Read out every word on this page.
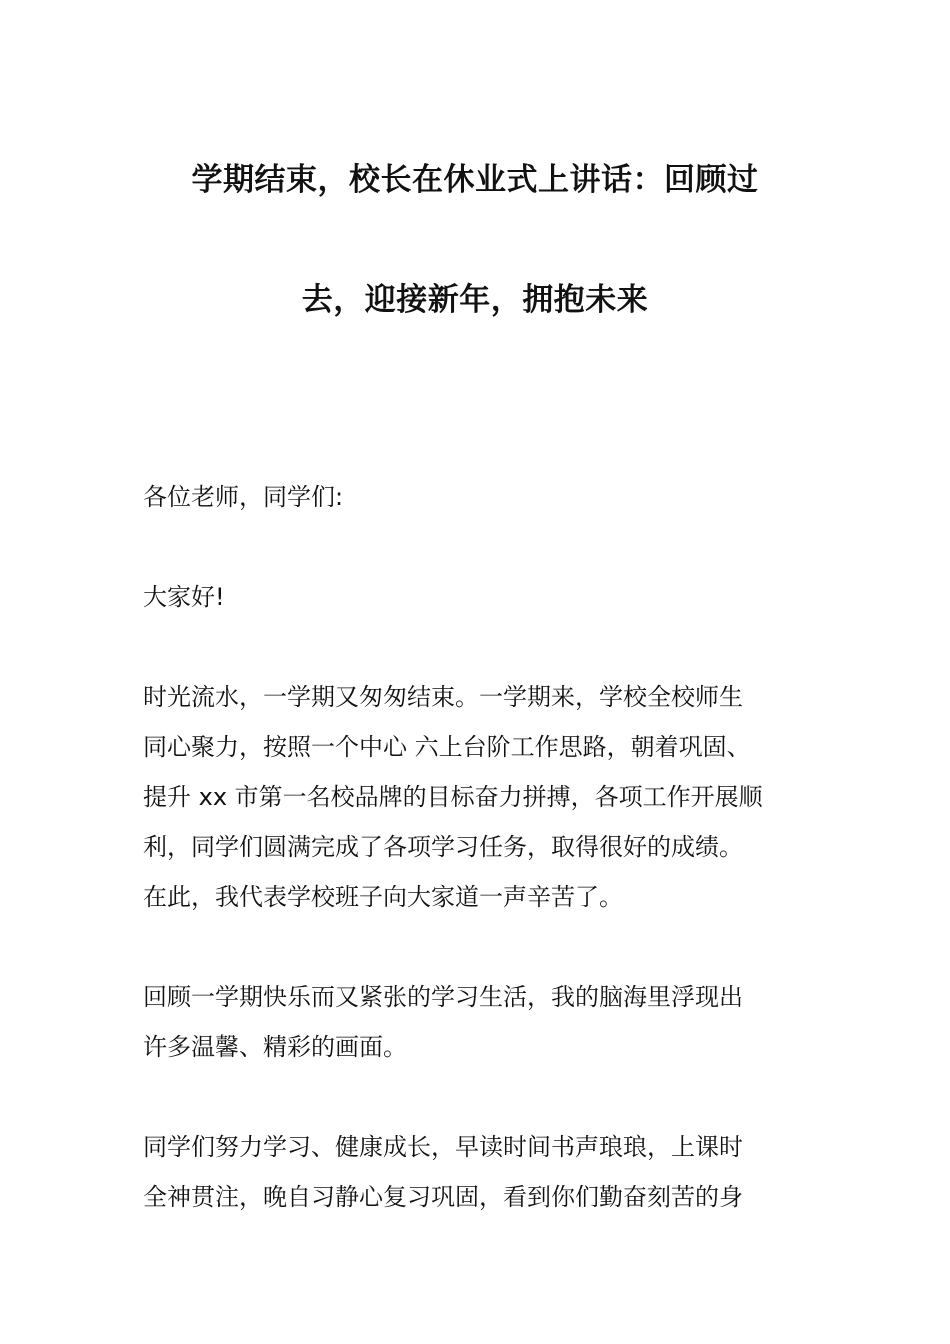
学期结束，校长在休业式上讲话：回顾过
去，迎接新年，拥抱未来

各位老师，同学们:

大家好!

时光流水，一学期又匆匆结束。一学期来，学校全校师生
同心聚力，按照一个中心 六上台阶工作思路，朝着巩固、
提升 xx 市第一名校品牌的目标奋力拼搏，各项工作开展顺
利，同学们圆满完成了各项学习任务，取得很好的成绩。
在此，我代表学校班子向大家道一声辛苦了。

回顾一学期快乐而又紧张的学习生活，我的脑海里浮现出
许多温馨、精彩的画面。

同学们努力学习、健康成长，早读时间书声琅琅，上课时
全神贯注，晚自习静心复习巩固，看到你们勤奋刻苦的身
